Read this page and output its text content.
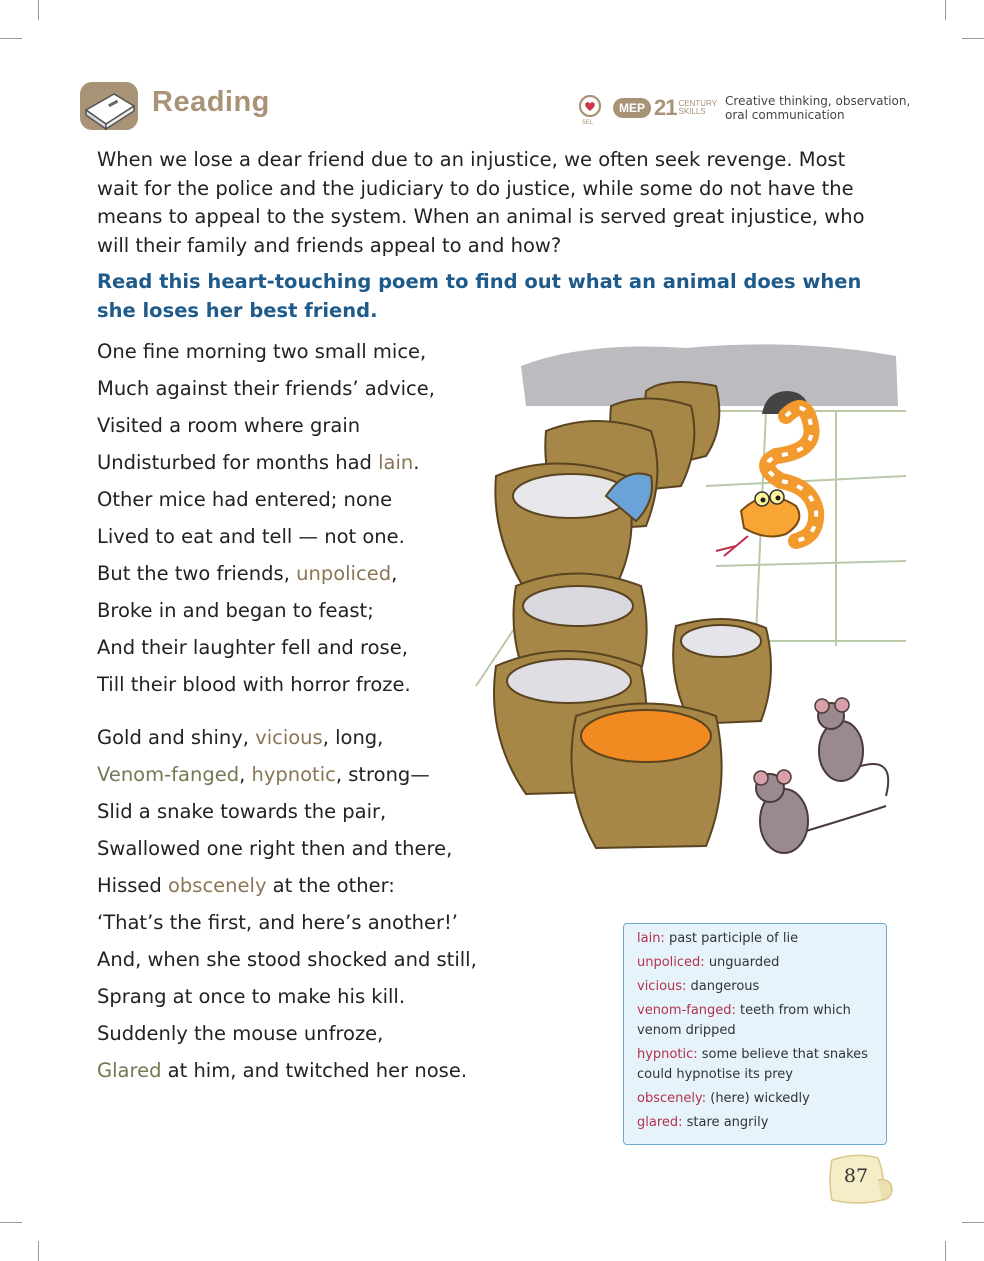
Reading
SEL
MEP 21 CENTURY
SKILLS
Creative thinking, observation,
oral communication
When we lose a dear friend due to an injustice, we often seek revenge. Most wait for the police and the judiciary to do justice, while some do not have the means to appeal to the system. When an animal is served great injustice, who will their family and friends appeal to and how?
Read this heart-touching poem to find out what an animal does when she loses her best friend.
One fine morning two small mice,
Much against their friends’ advice,
Visited a room where grain
Undisturbed for months had lain.
Other mice had entered; none
Lived to eat and tell — not one.
But the two friends, unpoliced,
Broke in and began to feast;
And their laughter fell and rose,
Till their blood with horror froze.
Gold and shiny, vicious, long,
Venom-fanged, hypnotic, strong—
Slid a snake towards the pair,
Swallowed one right then and there,
Hissed obscenely at the other:
‘That’s the first, and here’s another!’
And, when she stood shocked and still,
Sprang at once to make his kill.
Suddenly the mouse unfroze,
Glared at him, and twitched her nose.
lain: past participle of lie
unpoliced: unguarded
vicious: dangerous
venom-fanged: teeth from which venom dripped
hypnotic: some believe that snakes could hypnotise its prey
obscenely: (here) wickedly
glared: stare angrily
87
